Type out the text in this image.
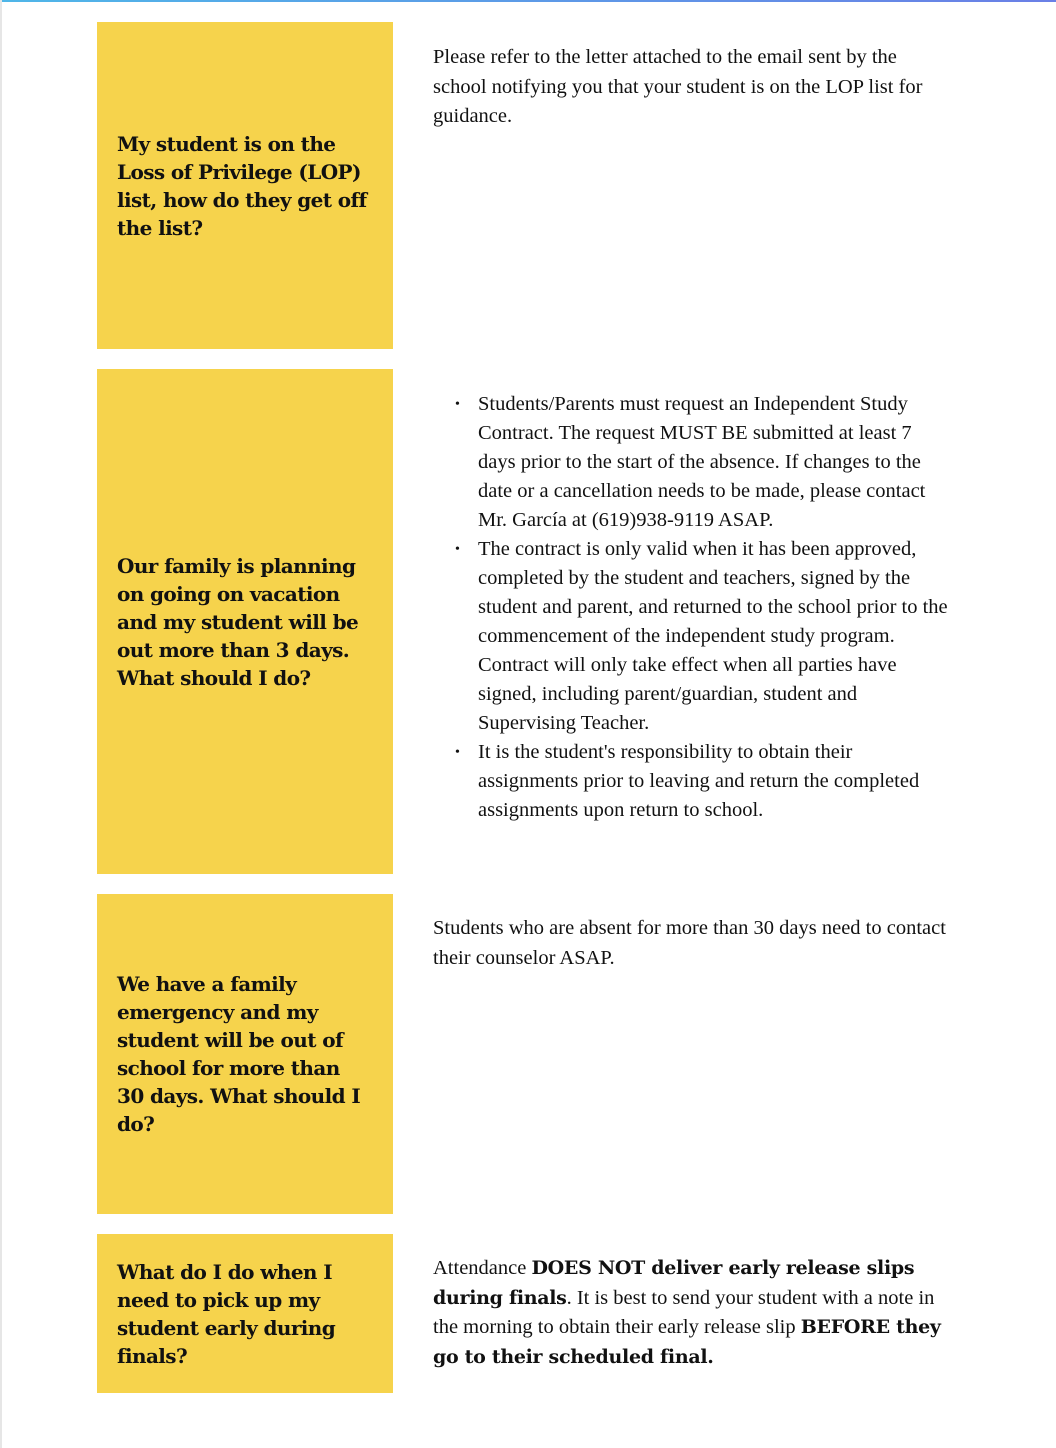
My student is on the Loss of Privilege (LOP) list, how do they get off the list?

Please refer to the letter attached to the email sent by the school notifying you that your student is on the LOP list for guidance.

Our family is planning on going on vacation and my student will be out more than 3 days. What should I do?

• Students/Parents must request an Independent Study Contract. The request MUST BE submitted at least 7 days prior to the start of the absence. If changes to the date or a cancellation needs to be made, please contact Mr. García at (619)938-9119 ASAP.
• The contract is only valid when it has been approved, completed by the student and teachers, signed by the student and parent, and returned to the school prior to the commencement of the independent study program. Contract will only take effect when all parties have signed, including parent/guardian, student and Supervising Teacher.
• It is the student's responsibility to obtain their assignments prior to leaving and return the completed assignments upon return to school.

We have a family emergency and my student will be out of school for more than 30 days. What should I do?

Students who are absent for more than 30 days need to contact their counselor ASAP.

What do I do when I need to pick up my student early during finals?

Attendance DOES NOT deliver early release slips during finals. It is best to send your student with a note in the morning to obtain their early release slip BEFORE they go to their scheduled final.
